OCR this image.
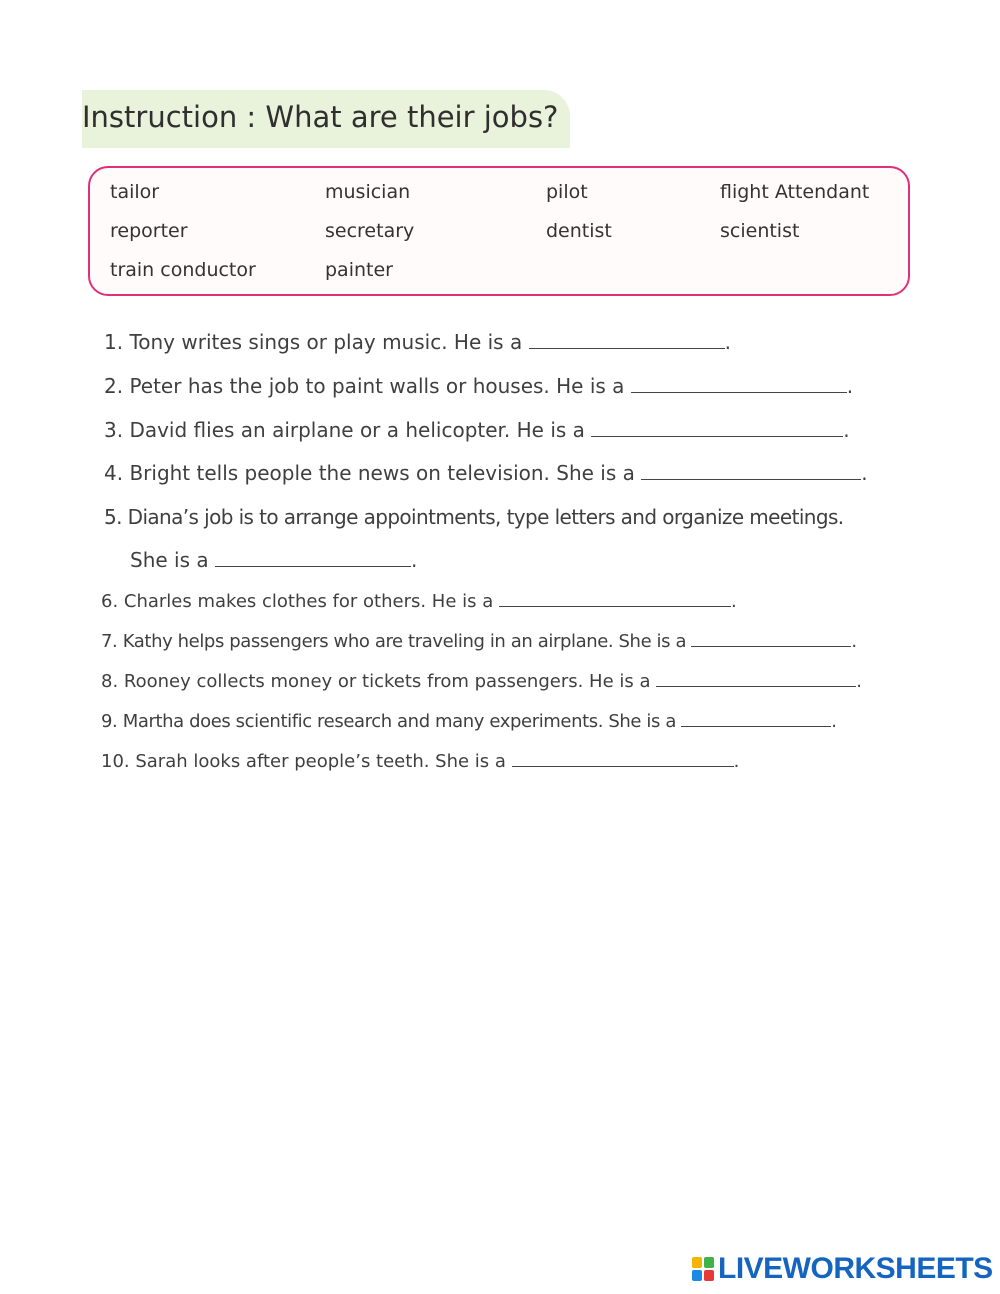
Instruction : What are their jobs?
tailor	musician	pilot	flight Attendant
reporter	secretary	dentist	scientist
train conductor	painter
1. Tony writes sings or play music. He is a	.
2. Peter has the job to paint walls or houses. He is a	.
3. David flies an airplane or a helicopter. He is a	.
4. Bright tells people the news on television. She is a	.
5. Diana’s job is to arrange appointments, type letters and organize meetings.
She is a	.
6. Charles makes clothes for others. He is a	.
7. Kathy helps passengers who are traveling in an airplane. She is a	.
8. Rooney collects money or tickets from passengers. He is a	.
9. Martha does scientific research and many experiments. She is a	.
10. Sarah looks after people’s teeth. She is a	.
LIVEWORKSHEETS
